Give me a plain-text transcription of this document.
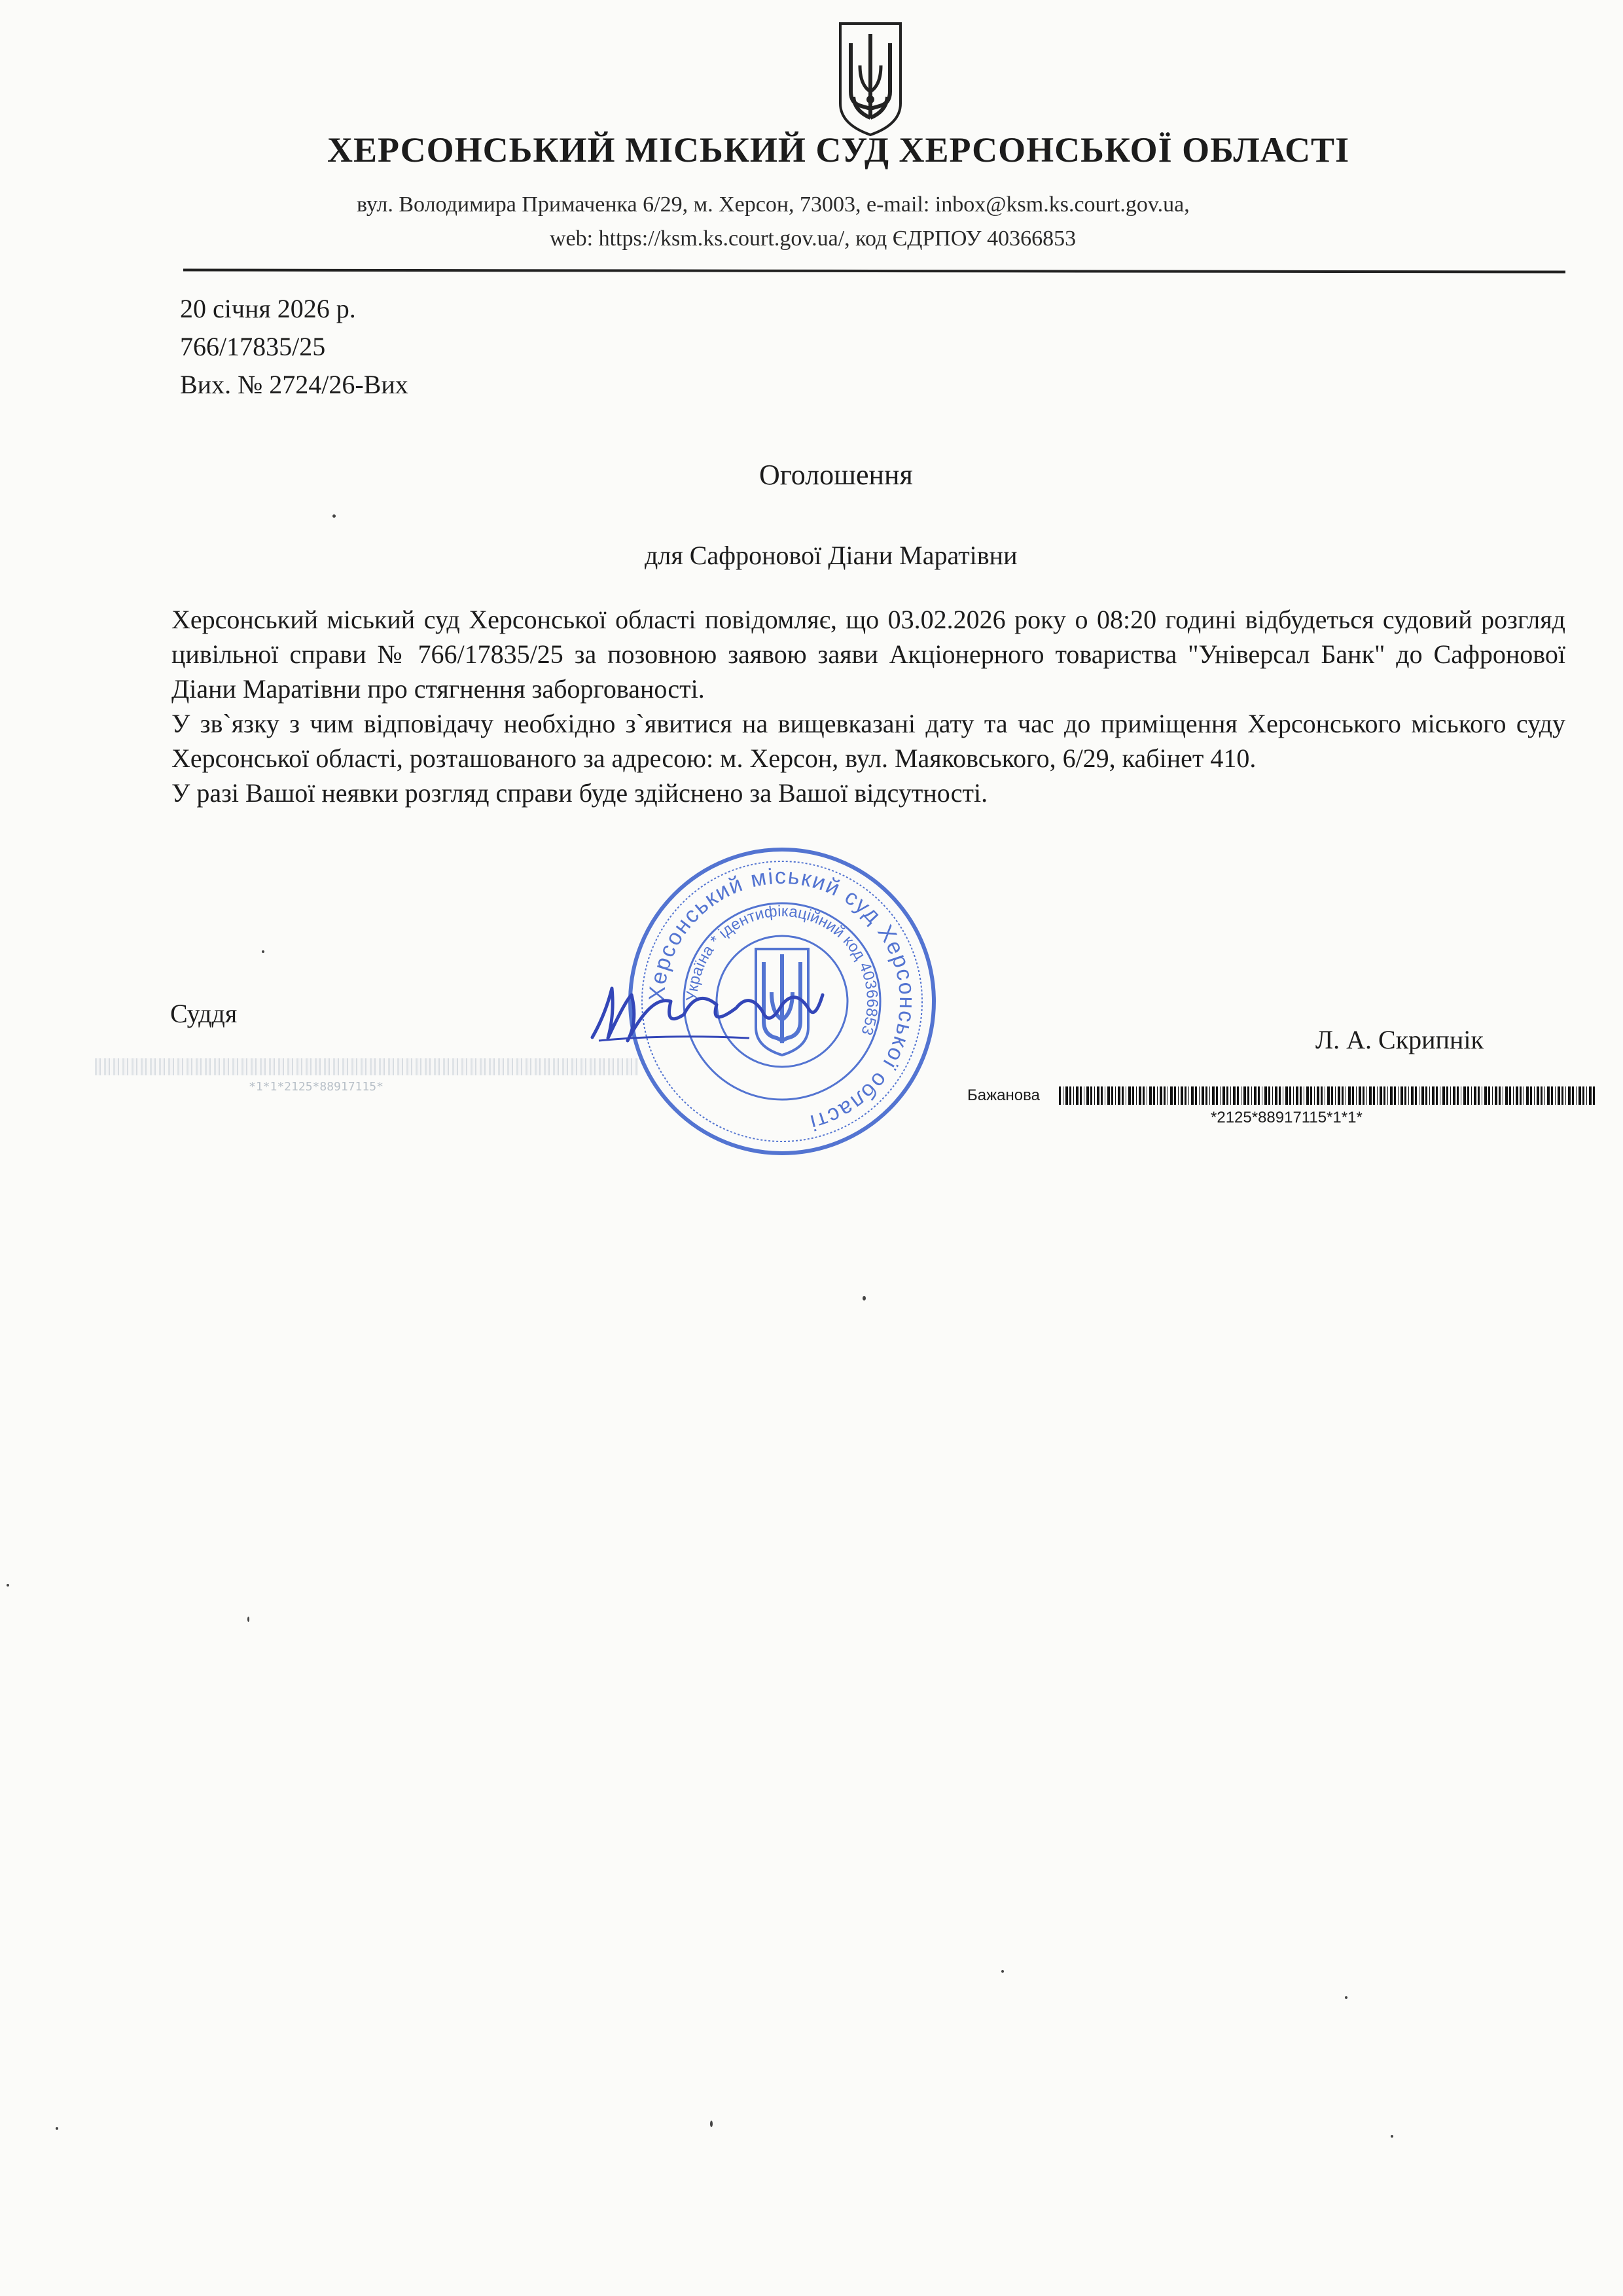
ХЕРСОНСЬКИЙ МІСЬКИЙ СУД ХЕРСОНСЬКОЇ ОБЛАСТІ
вул. Володимира Примаченка 6/29, м. Херсон, 73003, e-mail: inbox@ksm.ks.court.gov.ua,
web: https://ksm.ks.court.gov.ua/, код ЄДРПОУ 40366853
20 січня 2026 р.
766/17835/25
Вих. № 2724/26-Вих
Оголошення
для Сафронової Діани Маратівни

Херсонський міський суд Херсонської області повідомляє, що 03.02.2026 року о 08:20 годині відбудеться судовий розгляд цивільної справи № 766/17835/25 за позовною заявою заяви Акціонерного товариства "Універсал Банк" до Сафронової Діани Маратівни про стягнення заборгованості.

У зв`язку з чим відповідачу необхідно з`явитися на вищевказані дату та час до приміщення Херсонського міського суду Херсонської області, розташованого за адресою: м. Херсон, вул. Маяковського, 6/29, кабінет 410.

У разі Вашої неявки розгляд справи буде здійснено за Вашої відсутності.

Суддя
Л. А. Скрипнік
*1*1*2125*88917115*	Бажанова
*2125*88917115*1*1*
Херсонський міський суд Херсонської області
Україна * ідентифікаційний код 40366853
